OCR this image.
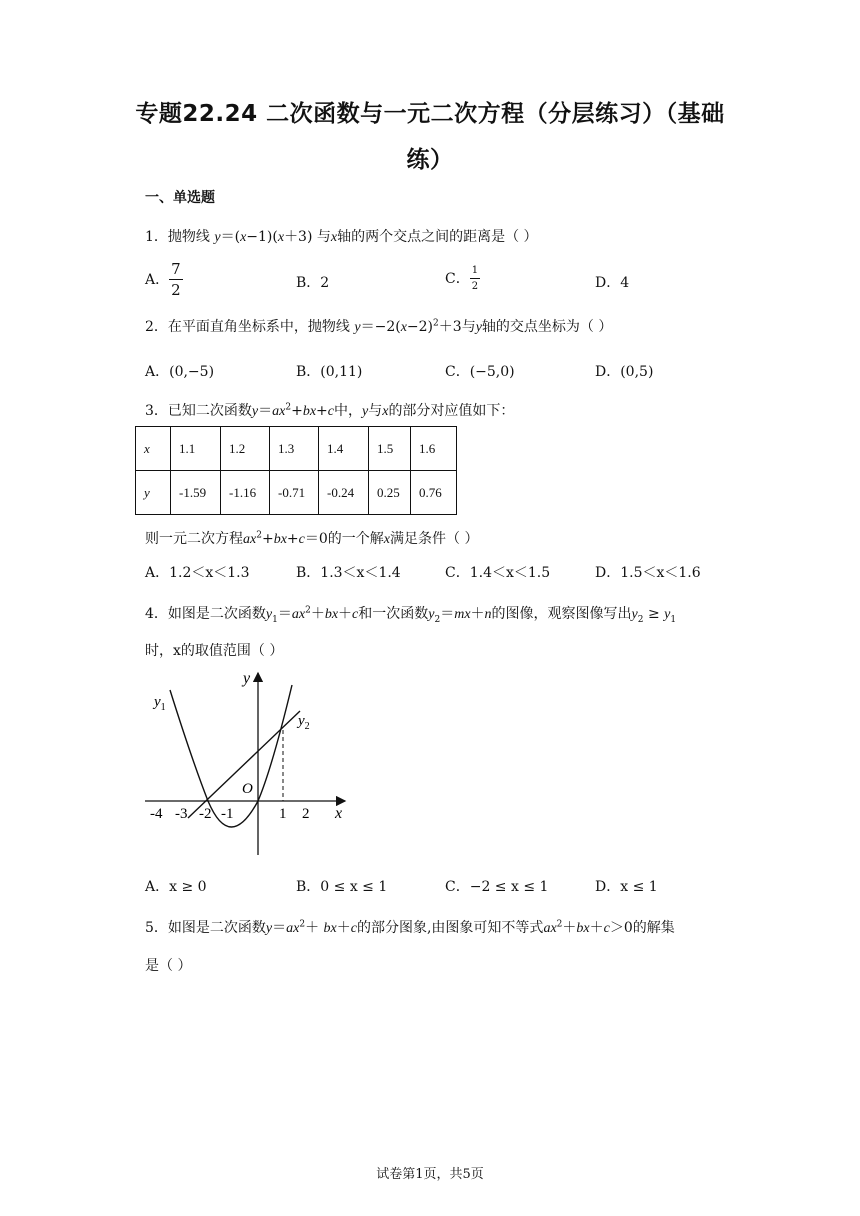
专题22.24 二次函数与一元二次方程（分层练习）（基础
练）
一、单选题
1．抛物线 y＝(x−1)(x＋3) 与x轴的两个交点之间的距离是（ ）
A． $\frac{7}{2}$	B．2	C． $\frac{1}{2}$	D．4
2．在平面直角坐标系中，抛物线 $y=-2(x-2)^2+3$与y轴的交点坐标为（ ）
A．(0,−5)	B．(0,11)	C．(−5,0)	D．(0,5)
3．已知二次函数$y=ax^2+bx+c$中，y与x的部分对应值如下：
x	1.1	1.2	1.3	1.4	1.5	1.6
y	-1.59	-1.16	-0.71	-0.24	0.25	0.76
则一元二次方程$ax^2+bx+c=0$的一个解x满足条件（ ）
A．1.2＜x＜1.3	B．1.3＜x＜1.4	C．1.4＜x＜1.5	D．1.5＜x＜1.6
4．如图是二次函数$y_1=ax^2+bx+c$和一次函数$y_2=mx+n$的图像，观察图像写出$y_2 \ge y_1$
时，x的取值范围（ ）
y
x
O
$y_1$
$y_2$
-4 -3 -2 -1	1 2
A．x ≥ 0	B．0 ≤ x ≤ 1	C．−2 ≤ x ≤ 1	D．x ≤ 1
5．如图是二次函数$y=ax^2+ bx+c$的部分图象,由图象可知不等式$ax^2+bx+c>0$的解集
是（ ）
试卷第1页，共5页
